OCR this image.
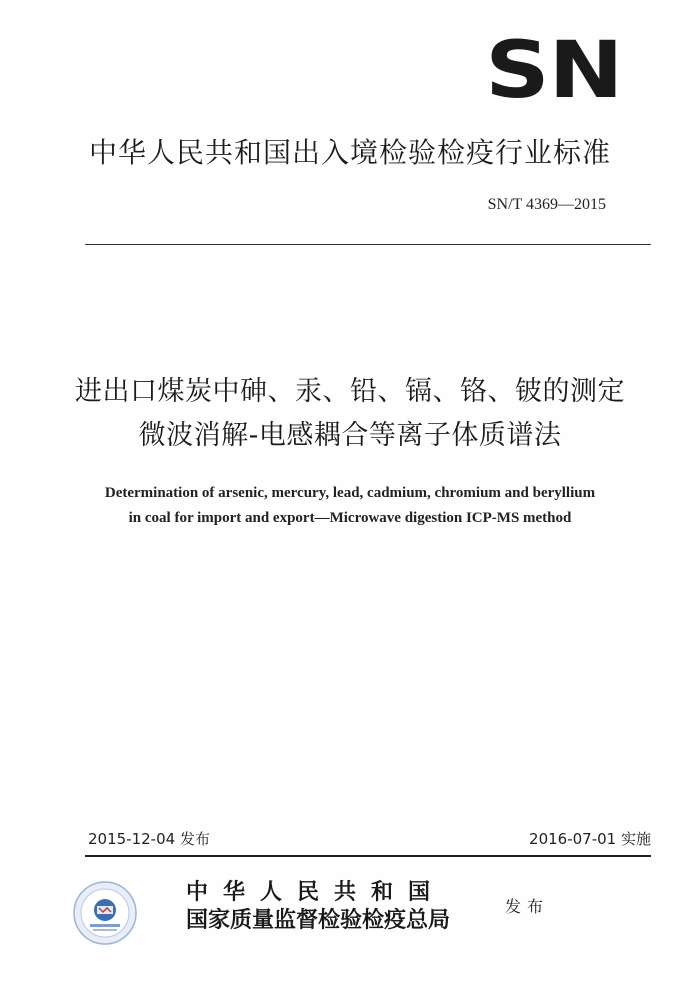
SN
中华人民共和国出入境检验检疫行业标准
SN/T 4369—2015
进出口煤炭中砷、汞、铅、镉、铬、铍的测定
微波消解-电感耦合等离子体质谱法
Determination of arsenic, mercury, lead, cadmium, chromium and beryllium
in coal for import and export—Microwave digestion ICP-MS method
2015-12-04 发布	2016-07-01 实施
中华人民共和国
国家质量监督检验检疫总局
发布
